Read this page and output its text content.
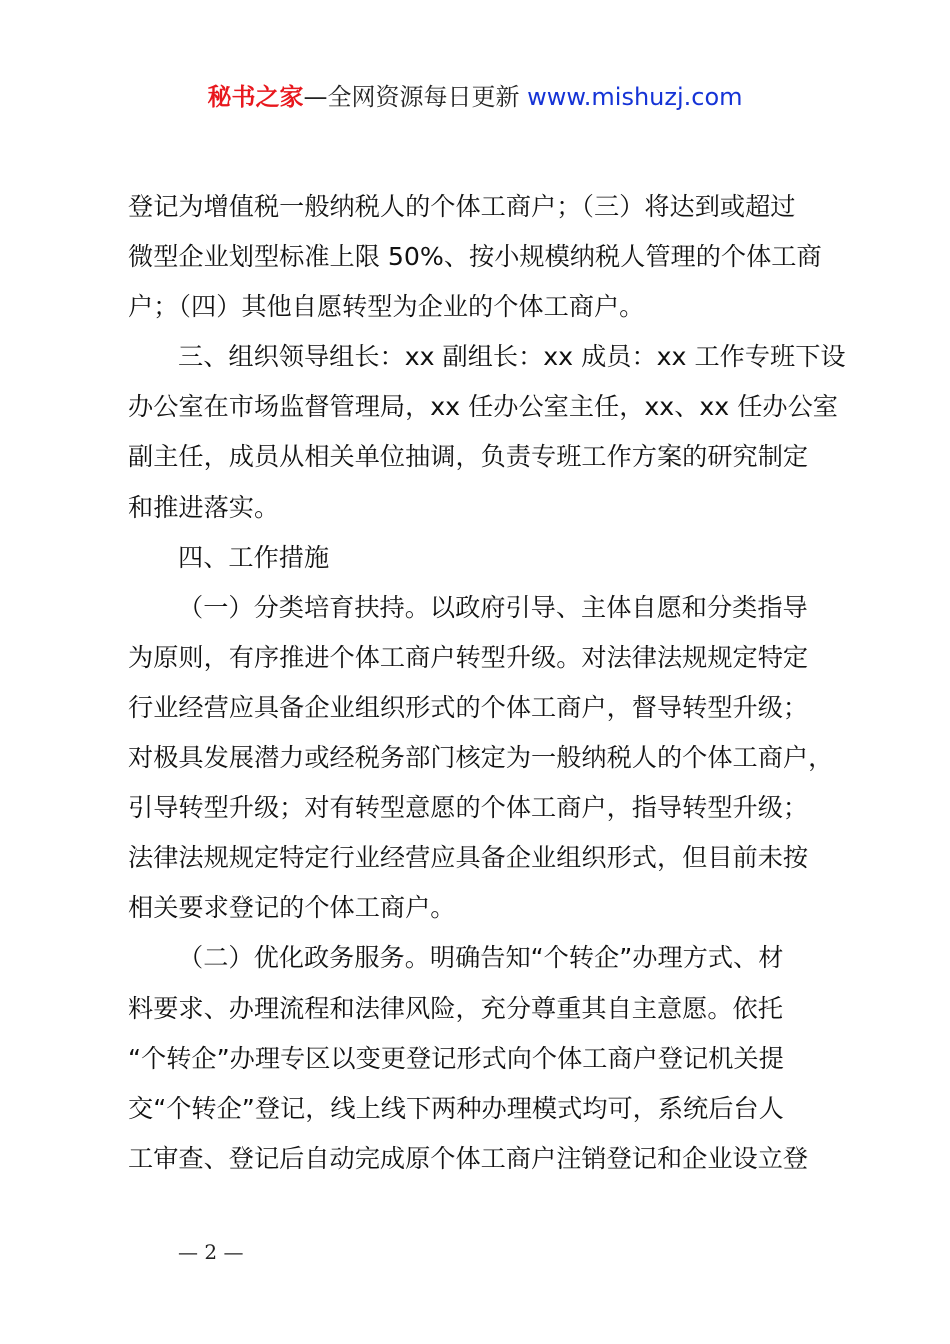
秘书之家—全网资源每日更新 www.mishuzj.com
登记为增值税一般纳税人的个体工商户；（三）将达到或超过
微型企业划型标准上限 50%、按小规模纳税人管理的个体工商
户；（四）其他自愿转型为企业的个体工商户。
三、组织领导组长：xx 副组长：xx 成员：xx 工作专班下设
办公室在市场监督管理局，xx 任办公室主任，xx、xx 任办公室
副主任，成员从相关单位抽调，负责专班工作方案的研究制定
和推进落实。
四、工作措施
（一）分类培育扶持。以政府引导、主体自愿和分类指导
为原则，有序推进个体工商户转型升级。对法律法规规定特定
行业经营应具备企业组织形式的个体工商户，督导转型升级；
对极具发展潜力或经税务部门核定为一般纳税人的个体工商户，
引导转型升级；对有转型意愿的个体工商户，指导转型升级；
法律法规规定特定行业经营应具备企业组织形式，但目前未按
相关要求登记的个体工商户。
（二）优化政务服务。明确告知“个转企”办理方式、材
料要求、办理流程和法律风险，充分尊重其自主意愿。依托
“个转企”办理专区以变更登记形式向个体工商户登记机关提
交“个转企”登记，线上线下两种办理模式均可，系统后台人
工审查、登记后自动完成原个体工商户注销登记和企业设立登
— 2 —
